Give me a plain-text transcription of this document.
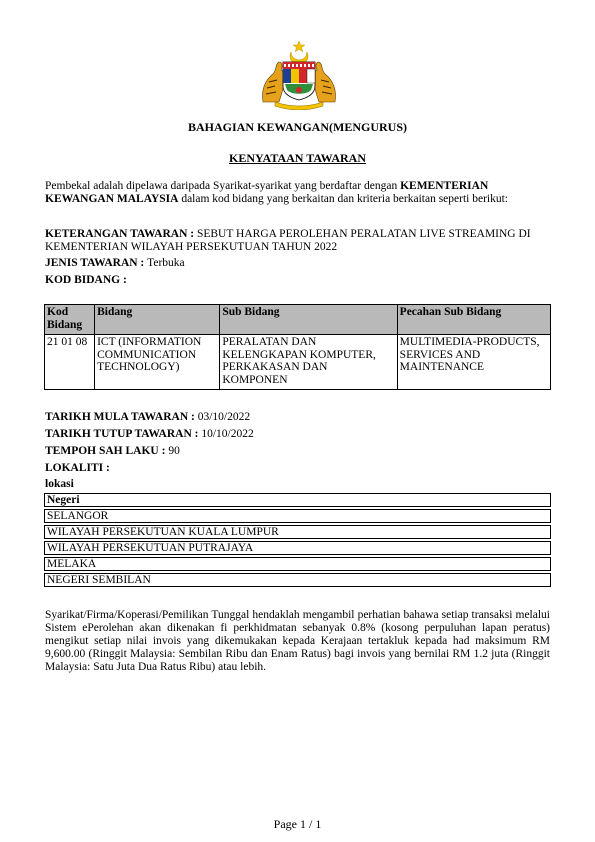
BAHAGIAN KEWANGAN(MENGURUS)
KENYATAAN TAWARAN
Pembekal adalah dipelawa daripada Syarikat-syarikat yang berdaftar dengan KEMENTERIAN KEWANGAN MALAYSIA dalam kod bidang yang berkaitan dan kriteria berkaitan seperti berikut:
KETERANGAN TAWARAN : SEBUT HARGA PEROLEHAN PERALATAN LIVE STREAMING DI KEMENTERIAN WILAYAH PERSEKUTUAN TAHUN 2022
JENIS TAWARAN : Terbuka
KOD BIDANG :
Kod Bidang	Bidang	Sub Bidang	Pecahan Sub Bidang
21 01 08	ICT (INFORMATION COMMUNICATION TECHNOLOGY)	PERALATAN DAN KELENGKAPAN KOMPUTER, PERKAKASAN DAN KOMPONEN	MULTIMEDIA-PRODUCTS, SERVICES AND MAINTENANCE
TARIKH MULA TAWARAN : 03/10/2022
TARIKH TUTUP TAWARAN : 10/10/2022
TEMPOH SAH LAKU : 90
LOKALITI :
lokasi
Negeri
SELANGOR
WILAYAH PERSEKUTUAN KUALA LUMPUR
WILAYAH PERSEKUTUAN PUTRAJAYA
MELAKA
NEGERI SEMBILAN
Syarikat/Firma/Koperasi/Pemilikan Tunggal hendaklah mengambil perhatian bahawa setiap transaksi melalui Sistem ePerolehan akan dikenakan fi perkhidmatan sebanyak 0.8% (kosong perpuluhan lapan peratus) mengikut setiap nilai invois yang dikemukakan kepada Kerajaan tertakluk kepada had maksimum RM 9,600.00 (Ringgit Malaysia: Sembilan Ribu dan Enam Ratus) bagi invois yang bernilai RM 1.2 juta (Ringgit Malaysia: Satu Juta Dua Ratus Ribu) atau lebih.
Page 1 / 1
